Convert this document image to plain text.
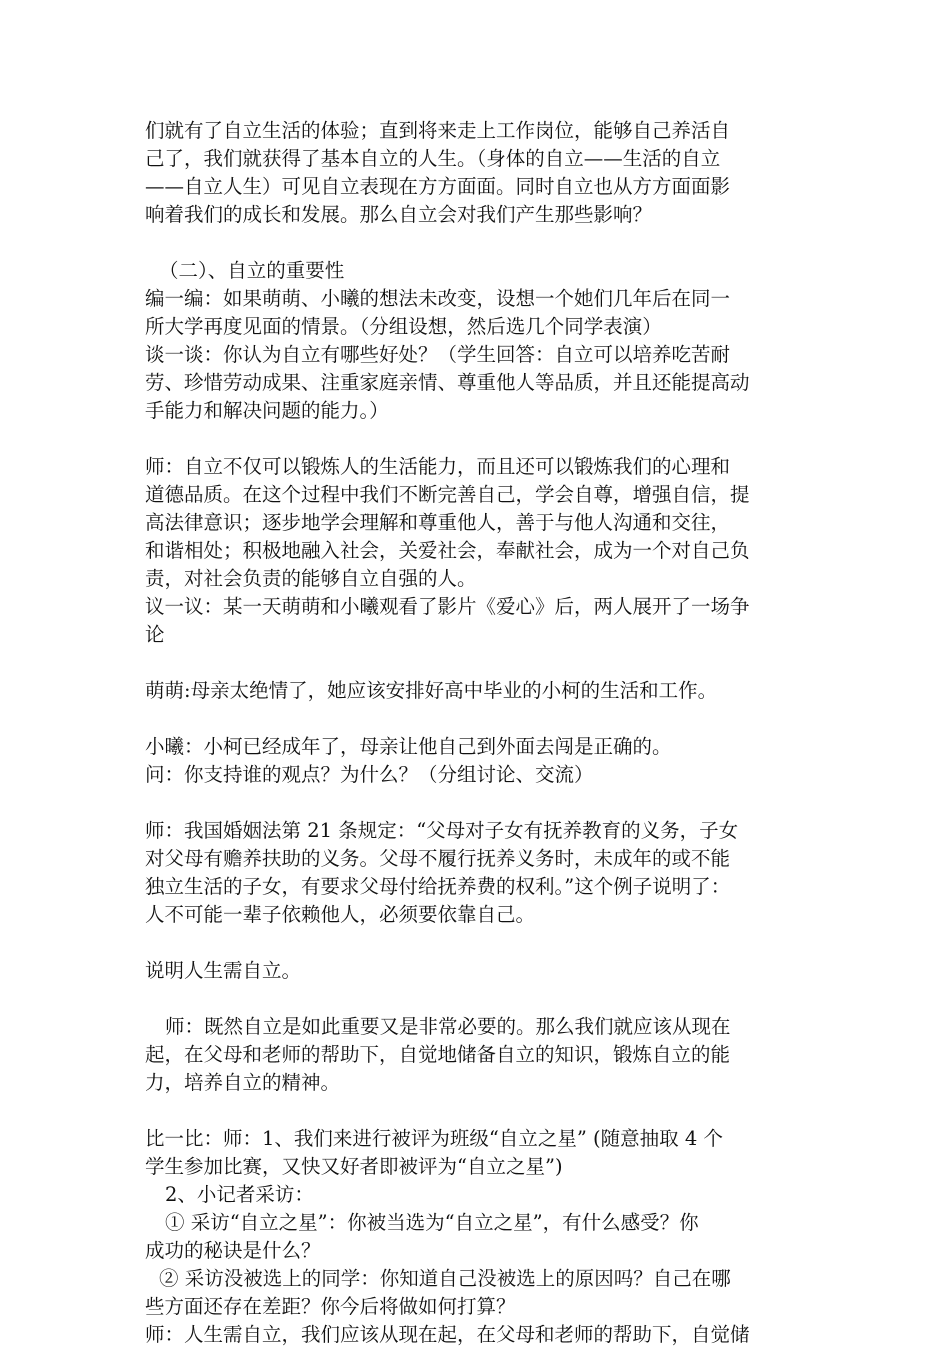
们就有了自立生活的体验；直到将来走上工作岗位，能够自己养活自
己了，我们就获得了基本自立的人生。（身体的自立——生活的自立
——自立人生）可见自立表现在方方面面。同时自立也从方方面面影
响着我们的成长和发展。那么自立会对我们产生那些影响？
（二）、自立的重要性
编一编：如果萌萌、小曦的想法未改变，设想一个她们几年后在同一
所大学再度见面的情景。（分组设想，然后选几个同学表演）
谈一谈：你认为自立有哪些好处？（学生回答：自立可以培养吃苦耐
劳、珍惜劳动成果、注重家庭亲情、尊重他人等品质，并且还能提高动
手能力和解决问题的能力。）
师：自立不仅可以锻炼人的生活能力，而且还可以锻炼我们的心理和
道德品质。在这个过程中我们不断完善自己，学会自尊，增强自信，提
高法律意识；逐步地学会理解和尊重他人，善于与他人沟通和交往，
和谐相处；积极地融入社会，关爱社会，奉献社会，成为一个对自己负
责，对社会负责的能够自立自强的人。
议一议：某一天萌萌和小曦观看了影片《爱心》后，两人展开了一场争
论
萌萌:母亲太绝情了，她应该安排好高中毕业的小柯的生活和工作。
小曦：小柯已经成年了，母亲让他自己到外面去闯是正确的。
问：你支持谁的观点？为什么？（分组讨论、交流）
师：我国婚姻法第 21 条规定：“父母对子女有抚养教育的义务，子女
对父母有赡养扶助的义务。父母不履行抚养义务时，未成年的或不能
独立生活的子女，有要求父母付给抚养费的权利。”这个例子说明了：
人不可能一辈子依赖他人，必须要依靠自己。
说明人生需自立。
师：既然自立是如此重要又是非常必要的。那么我们就应该从现在
起，在父母和老师的帮助下，自觉地储备自立的知识，锻炼自立的能
力，培养自立的精神。
比一比：师：1、我们来进行被评为班级“自立之星” (随意抽取 4 个
学生参加比赛，又快又好者即被评为“自立之星”)
2、小记者采访：
① 采访“自立之星”：你被当选为“自立之星”，有什么感受？你
成功的秘诀是什么？
② 采访没被选上的同学：你知道自己没被选上的原因吗？自己在哪
些方面还存在差距？你今后将做如何打算？
师：人生需自立，我们应该从现在起，在父母和老师的帮助下，自觉储
